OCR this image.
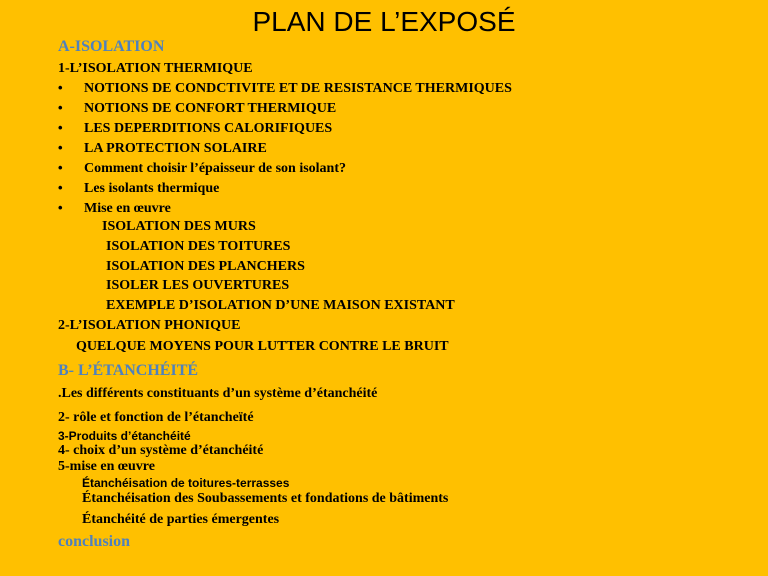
PLAN DE L’EXPOSÉ
A-ISOLATION
1-L’ISOLATION THERMIQUE
• NOTIONS DE CONDCTIVITE ET DE RESISTANCE THERMIQUES
• NOTIONS DE CONFORT THERMIQUE
• LES DEPERDITIONS CALORIFIQUES
• LA PROTECTION SOLAIRE
• Comment choisir l’épaisseur de son isolant?
• Les isolants thermique
• Mise en œuvre
ISOLATION DES MURS
ISOLATION DES TOITURES
ISOLATION DES PLANCHERS
ISOLER LES OUVERTURES
EXEMPLE D’ISOLATION D’UNE MAISON EXISTANT
2-L’ISOLATION PHONIQUE
QUELQUE MOYENS POUR LUTTER CONTRE LE BRUIT
B- L’ÉTANCHÉITÉ
.Les différents constituants d’un système d’étanchéité
2- rôle et fonction de l’étancheïté
3-Produits d’étanchéité
4- choix d’un système d’étanchéité
5-mise en œuvre
Étanchéisation de toitures-terrasses
Étanchéisation des Soubassements et fondations de bâtiments
Étanchéité de parties émergentes
conclusion
